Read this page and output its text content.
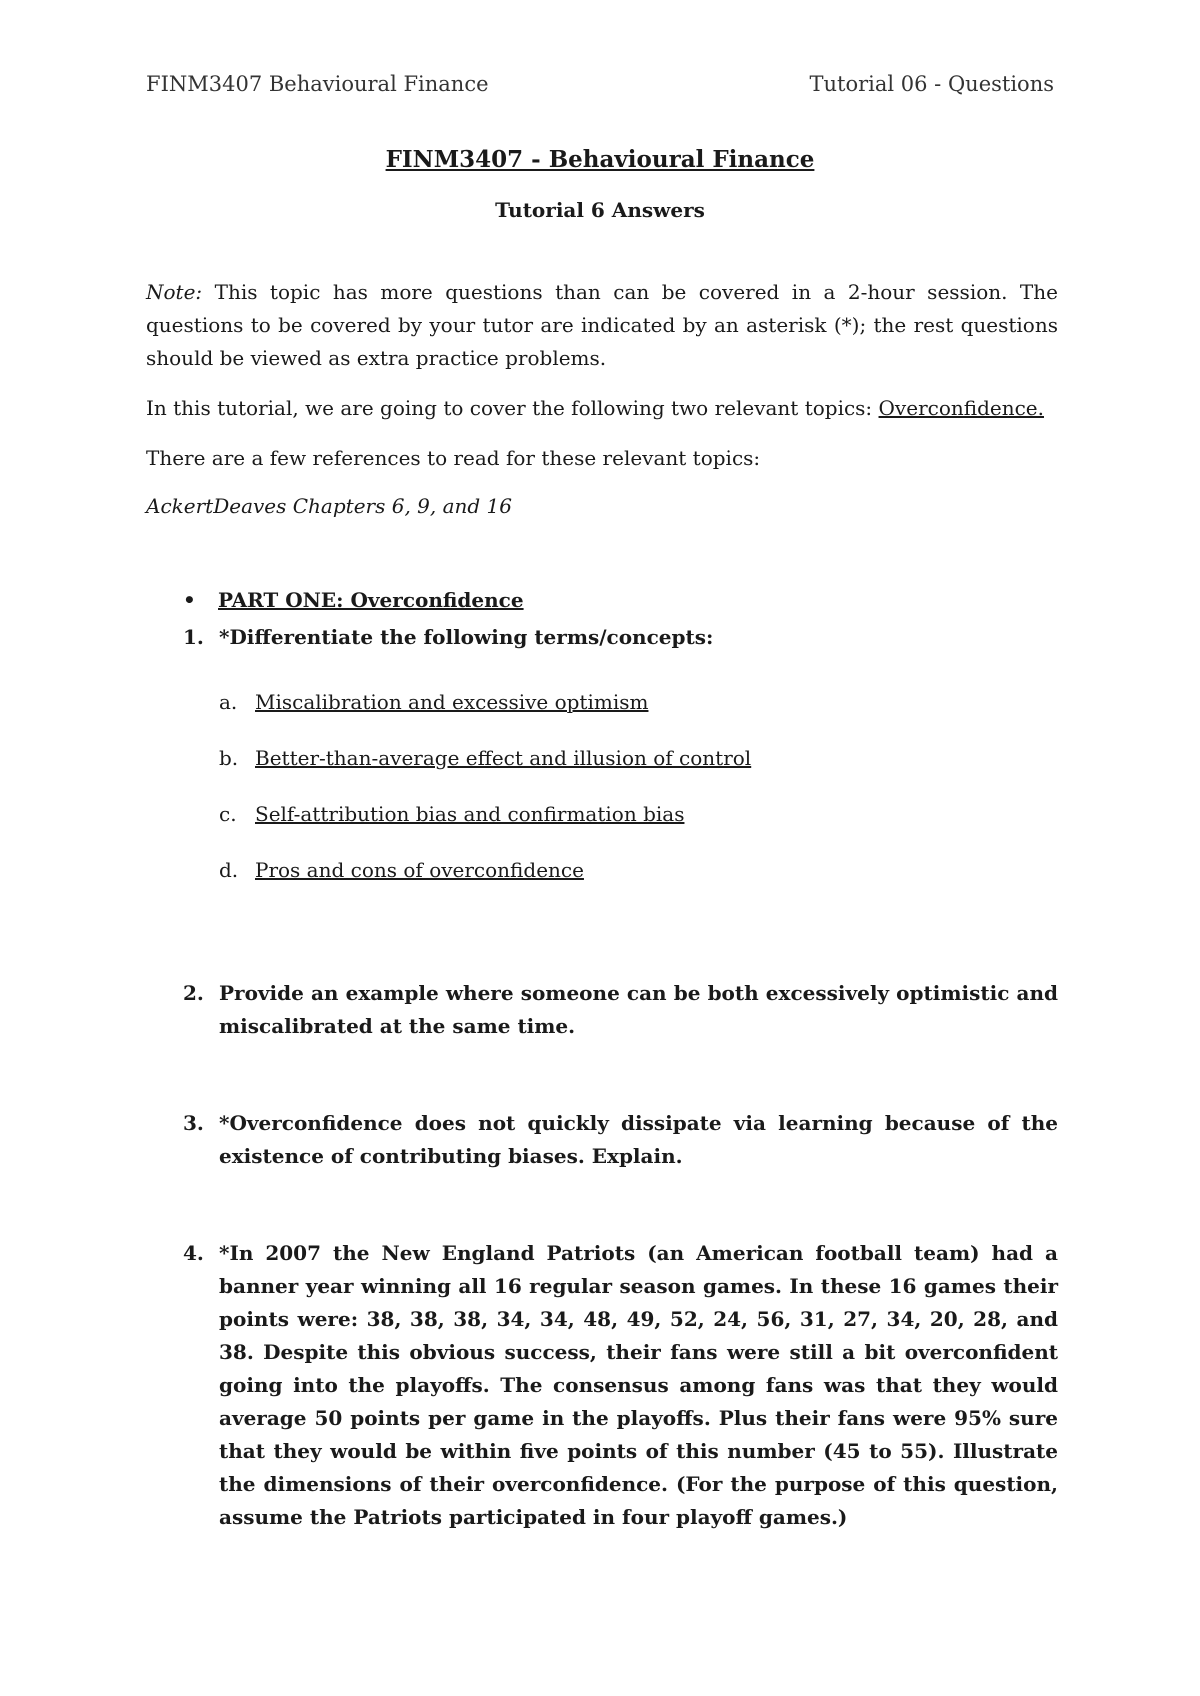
FINM3407 Behavioural Finance	Tutorial 06 - Questions
FINM3407 - Behavioural Finance
Tutorial 6 Answers
Note: This topic has more questions than can be covered in a 2-hour session. The questions to be covered by your tutor are indicated by an asterisk (*); the rest questions should be viewed as extra practice problems.
In this tutorial, we are going to cover the following two relevant topics: Overconfidence.
There are a few references to read for these relevant topics:
AckertDeaves Chapters 6, 9, and 16
• PART ONE: Overconfidence
1. *Differentiate the following terms/concepts:
a. Miscalibration and excessive optimism
b. Better-than-average effect and illusion of control
c. Self-attribution bias and confirmation bias
d. Pros and cons of overconfidence
2. Provide an example where someone can be both excessively optimistic and miscalibrated at the same time.
3. *Overconfidence does not quickly dissipate via learning because of the existence of contributing biases. Explain.
4. *In 2007 the New England Patriots (an American football team) had a banner year winning all 16 regular season games. In these 16 games their points were: 38, 38, 38, 34, 34, 48, 49, 52, 24, 56, 31, 27, 34, 20, 28, and 38. Despite this obvious success, their fans were still a bit overconfident going into the playoffs. The consensus among fans was that they would average 50 points per game in the playoffs. Plus their fans were 95% sure that they would be within five points of this number (45 to 55). Illustrate the dimensions of their overconfidence. (For the purpose of this question, assume the Patriots participated in four playoff games.)
